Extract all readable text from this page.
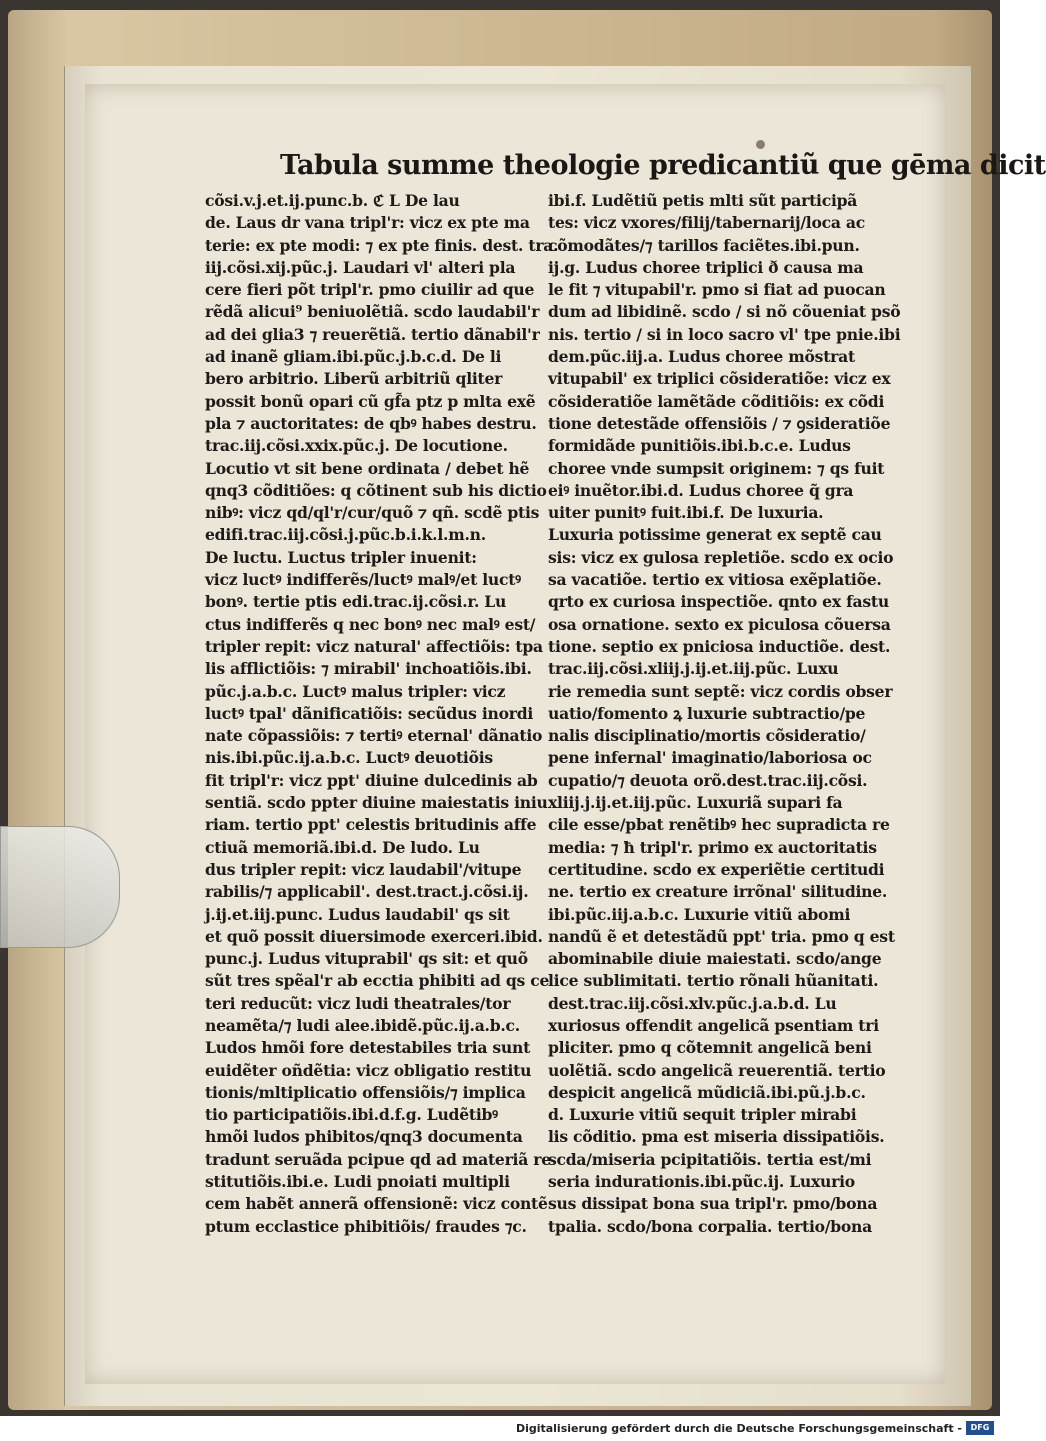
Tabula summe theologie predicantiũ que gēma dicit
cõsi.v.j.et.ij.punc.b. ℭ L De lau
de. Laus dr vana tripl'r: vicz ex pte ma
terie: ex pte modi: ⁊ ex pte finis. dest. tra.
iij.cõsi.xij.pũc.j. Laudari vl' alteri pla
cere fieri põt tripl'r. pmo ciuilir ad que
rẽdã alicui⁹ beniuolẽtiã. scdo laudabil'r
ad dei glia3 ⁊ reuerẽtiã. tertio dãnabil'r
ad inanẽ gliam.ibi.pũc.j.b.c.d. De li
bero arbitrio. Liberũ arbitriũ qliter
possit bonũ opari cũ gf̃a ptz p mlta exẽ
pla ⁊ auctoritates: de qbꝰ habes destru.
trac.iij.cõsi.xxix.pũc.j. De locutione.
Locutio vt sit bene ordinata / debet hẽ
qnq3 cõditiões: q cõtinent sub his dictio
nibꝰ: vicz qd/ql'r/cur/quõ ⁊ qñ. scdẽ ptis
edifi.trac.iij.cõsi.j.pũc.b.i.k.l.m.n.
De luctu. Luctus tripler inuenit:
vicz luctꝰ indifferẽs/luctꝰ malꝰ/et luctꝰ
bonꝰ. tertie ptis edi.trac.ij.cõsi.r. Lu
ctus indifferẽs q nec bonꝰ nec malꝰ est/
tripler repit: vicz natural' affectiõis: tpa
lis afflictiõis: ⁊ mirabil' inchoatiõis.ibi.
pũc.j.a.b.c. Luctꝰ malus tripler: vicz
luctꝰ tpal' dãnificatiõis: secũdus inordi
nate cõpassiõis: ⁊ tertiꝰ eternal' dãnatio
nis.ibi.pũc.ij.a.b.c. Luctꝰ deuotiõis
fit tripl'r: vicz ppt' diuine dulcedinis ab
sentiã. scdo ppter diuine maiestatis iniu
riam. tertio ppt' celestis britudinis affe
ctiuã memoriã.ibi.d. De ludo. Lu
dus tripler repit: vicz laudabil'/vitupe
rabilis/⁊ applicabil'. dest.tract.j.cõsi.ij.
j.ij.et.iij.punc. Ludus laudabil' qs sit
et quõ possit diuersimode exerceri.ibid.
punc.j. Ludus vituprabil' qs sit: et quõ
sũt tres spẽal'r ab ecctia phibiti ad qs ce
teri reducũt: vicz ludi theatrales/tor
neamẽta/⁊ ludi alee.ibidẽ.pũc.ij.a.b.c.
Ludos hmõi fore detestabiles tria sunt
euidẽter oñdẽtia: vicz obligatio restitu
tionis/mltiplicatio offensiõis/⁊ implica
tio participatiõis.ibi.d.f.g. Ludẽtibꝰ
hmõi ludos phibitos/qnq3 documenta
tradunt seruãda pcipue qd ad materiã re
stitutiõis.ibi.e. Ludi pnoiati multipli
cem habẽt annerã offensionẽ: vicz contẽ
ptum ecclastice phibitiõis/ fraudes ⁊c.
ibi.f. Ludẽtiũ petis mlti sũt participã
tes: vicz vxores/filij/tabernarij/loca ac
cõmodãtes/⁊ tarillos faciẽtes.ibi.pun.
ij.g. Ludus choree triplici ð causa ma
le fit ⁊ vitupabil'r. pmo si fiat ad puocan
dum ad libidinẽ. scdo / si nõ cõueniat psõ
nis. tertio / si in loco sacro vl' tpe pnie.ibi
dem.pũc.iij.a. Ludus choree mõstrat
vitupabil' ex triplici cõsideratiõe: vicz ex
cõsideratiõe lamẽtãde cõditiõis: ex cõdi
tione detestãde offensiõis / ⁊ ꝯsideratiõe
formidãde punitiõis.ibi.b.c.e. Ludus
choree vnde sumpsit originem: ⁊ qs fuit
eiꝰ inuẽtor.ibi.d. Ludus choree q̃ gra
uiter punitꝰ fuit.ibi.f. De luxuria.
Luxuria potissime generat ex septẽ cau
sis: vicz ex gulosa repletiõe. scdo ex ocio
sa vacatiõe. tertio ex vitiosa exẽplatiõe.
qrto ex curiosa inspectiõe. qnto ex fastu
osa ornatione. sexto ex piculosa cõuersa
tione. septio ex pniciosa inductiõe. dest.
trac.iij.cõsi.xliij.j.ij.et.iij.pũc. Luxu
rie remedia sunt septẽ: vicz cordis obser
uatio/fomento ꝝ luxurie subtractio/pe
nalis disciplinatio/mortis cõsideratio/
pene infernal' imaginatio/laboriosa oc
cupatio/⁊ deuota orõ.dest.trac.iij.cõsi.
xliij.j.ij.et.iij.pũc. Luxuriã supari fa
cile esse/pbat renẽtibꝰ hec supradicta re
media: ⁊ ħ tripl'r. primo ex auctoritatis
certitudine. scdo ex experiẽtie certitudi
ne. tertio ex creature irrõnal' silitudine.
ibi.pũc.iij.a.b.c. Luxurie vitiũ abomi
nandũ ẽ et detestãdũ ppt' tria. pmo q est
abominabile diuie maiestati. scdo/ange
lice sublimitati. tertio rõnali hũanitati.
dest.trac.iij.cõsi.xlv.pũc.j.a.b.d. Lu
xuriosus offendit angelicã psentiam tri
pliciter. pmo q cõtemnit angelicã beni
uolẽtiã. scdo angelicã reuerentiã. tertio
despicit angelicã mũdiciã.ibi.pũ.j.b.c.
d. Luxurie vitiũ sequit tripler mirabi
lis cõditio. pma est miseria dissipatiõis.
scda/miseria pcipitatiõis. tertia est/mi
seria indurationis.ibi.pũc.ij. Luxurio
sus dissipat bona sua tripl'r. pmo/bona
tpalia. scdo/bona corpalia. tertio/bona
Digitalisierung gefördert durch die Deutsche Forschungsgemeinschaft -	DFG
